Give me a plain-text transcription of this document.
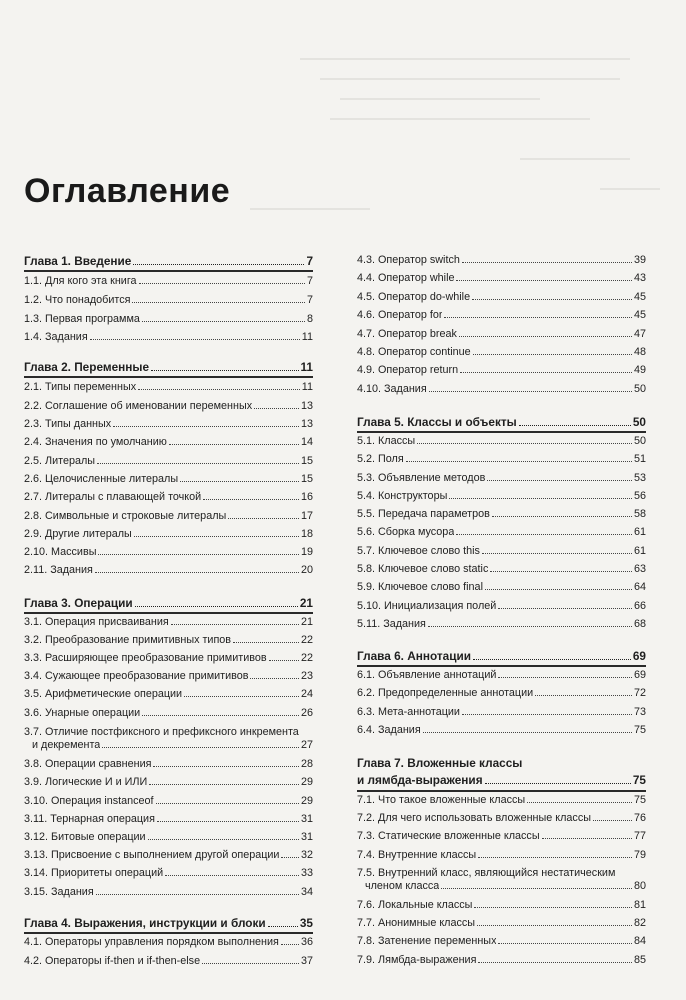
Оглавление
Глава 1. Введение	7
1.1. Для кого эта книга	7
1.2. Что понадобится	7
1.3. Первая программа	8
1.4. Задания	11
Глава 2. Переменные	11
2.1. Типы переменных	11
2.2. Соглашение об именовании переменных	13
2.3. Типы данных	13
2.4. Значения по умолчанию	14
2.5. Литералы	15
2.6. Целочисленные литералы	15
2.7. Литералы с плавающей точкой	16
2.8. Символьные и строковые литералы	17
2.9. Другие литералы	18
2.10. Массивы	19
2.11. Задания	20
Глава 3. Операции	21
3.1. Операция присваивания	21
3.2. Преобразование примитивных типов	22
3.3. Расширяющее преобразование примитивов	22
3.4. Сужающее преобразование примитивов	23
3.5. Арифметические операции	24
3.6. Унарные операции	26
3.7. Отличие постфиксного и префиксного инкремента
и декремента	27
3.8. Операции сравнения	28
3.9. Логические И и ИЛИ	29
3.10. Операция instanceof	29
3.11. Тернарная операция	31
3.12. Битовые операции	31
3.13. Присвоение с выполнением другой операции 32
3.14. Приоритеты операций	33
3.15. Задания	34
Глава 4. Выражения, инструкции и блоки	35
4.1. Операторы управления порядком выполнения 36
4.2. Операторы if-then и if-then-else	37
4.3. Оператор switch	39
4.4. Оператор while	43
4.5. Оператор do-while	45
4.6. Оператор for	45
4.7. Оператор break	47
4.8. Оператор continue	48
4.9. Оператор return	49
4.10. Задания	50
Глава 5. Классы и объекты	50
5.1. Классы	50
5.2. Поля	51
5.3. Объявление методов	53
5.4. Конструкторы	56
5.5. Передача параметров	58
5.6. Сборка мусора	61
5.7. Ключевое слово this	61
5.8. Ключевое слово static	63
5.9. Ключевое слово final	64
5.10. Инициализация полей	66
5.11. Задания	68
Глава 6. Аннотации	69
6.1. Объявление аннотаций	69
6.2. Предопределенные аннотации	72
6.3. Мета-аннотации	73
6.4. Задания	75
Глава 7. Вложенные классы
и лямбда-выражения	75
7.1. Что такое вложенные классы	75
7.2. Для чего использовать вложенные классы	76
7.3. Статические вложенные классы	77
7.4. Внутренние классы	79
7.5. Внутренний класс, являющийся нестатическим
членом класса	80
7.6. Локальные классы	81
7.7. Анонимные классы	82
7.8. Затенение переменных	84
7.9. Лямбда-выражения	85
